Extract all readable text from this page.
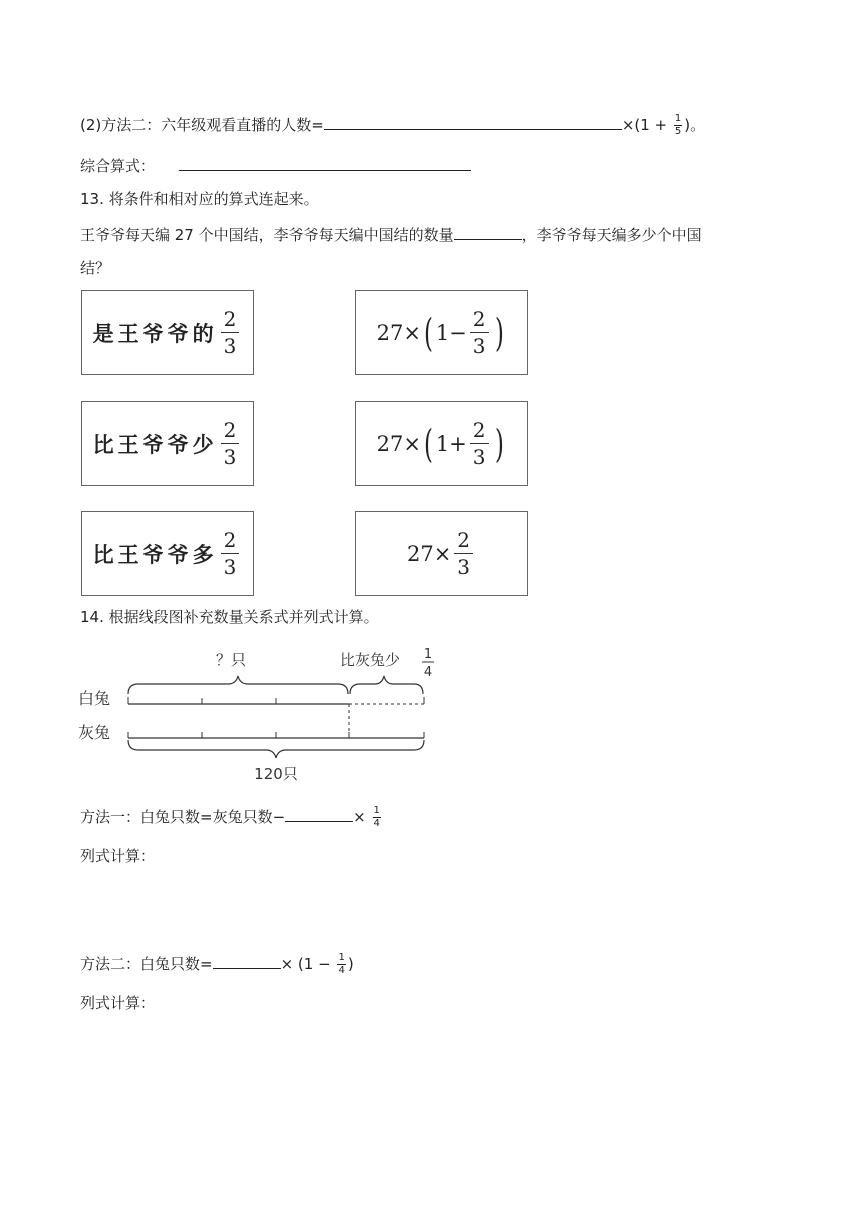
(2)方法二：六年级观看直播的人数=	$\times(1 + \frac{1}{5}$ )。
综合算式：
13. 将条件和相对应的算式连起来。
王爷爷每天编 27 个中国结，李爷爷每天编中国结的数量	，李爷爷每天编多少个中国
结？
是王爷爷的 $\frac{2}{3}$
比王爷爷少 $\frac{2}{3}$
比王爷爷多 $\frac{2}{3}$
27× ( $1- \frac{2}{3}$ )
27× ( $1+ \frac{2}{3}$ )
$27\times \frac{2}{3}$
14. 根据线段图补充数量关系式并列式计算。
？只	比灰兔少 1
4
白兔
灰兔
120只
方法一：白兔只数=灰兔只数−	× $\frac{1}{4}$
列式计算：
方法二：白兔只数=	× ($1 - \frac{1}{4}$ )
列式计算：
